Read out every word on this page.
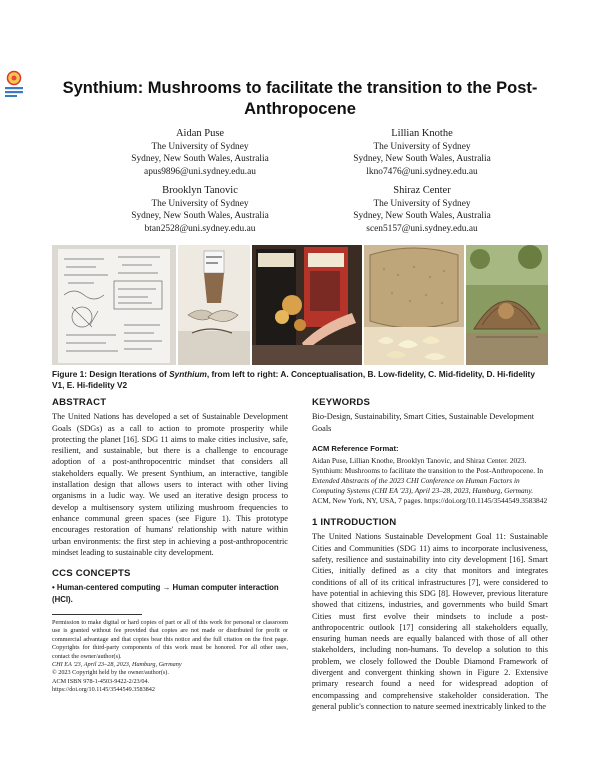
Synthium: Mushrooms to facilitate the transition to the Post-Anthropocene
Aidan Puse
The University of Sydney
Sydney, New South Wales, Australia
apus9896@uni.sydney.edu.au
Lillian Knothe
The University of Sydney
Sydney, New South Wales, Australia
lkno7476@uni.sydney.edu.au
Brooklyn Tanovic
The University of Sydney
Sydney, New South Wales, Australia
btan2528@uni.sydney.edu.au
Shiraz Center
The University of Sydney
Sydney, New South Wales, Australia
scen5157@uni.sydney.edu.au
Figure 1: Design Iterations of Synthium, from left to right: A. Conceptualisation, B. Low-fidelity, C. Mid-fidelity, D. Hi-fidelity V1, E. Hi-fidelity V2
ABSTRACT
The United Nations has developed a set of Sustainable Development Goals (SDGs) as a call to action to promote prosperity while protecting the planet [16]. SDG 11 aims to make cities inclusive, safe, resilient, and sustainable, but there is a challenge to encourage adoption of a post-anthropocentric mindset that considers all stakeholders equally. We present Synthium, an interactive, tangible installation design that allows users to interact with other living organisms in a ludic way. We used an iterative design process to develop a multisensory system utilizing mushroom frequencies to enhance communal green spaces (see Figure 1). This prototype encourages restoration of humans' relationship with nature within urban environments: the first step in achieving a post-anthropocentric mindset leading to sustainable city development.
CCS CONCEPTS
• Human-centered computing → Human computer interaction (HCI).
Permission to make digital or hard copies of part or all of this work for personal or classroom use is granted without fee provided that copies are not made or distributed for profit or commercial advantage and that copies bear this notice and the full citation on the first page. Copyrights for third-party components of this work must be honored. For all other uses, contact the owner/author(s).
CHI EA '23, April 23–28, 2023, Hamburg, Germany
© 2023 Copyright held by the owner/author(s).
ACM ISBN 978-1-4503-9422-2/23/04.
https://doi.org/10.1145/3544549.3583842
KEYWORDS
Bio-Design, Sustainability, Smart Cities, Sustainable Development Goals
ACM Reference Format:
Aidan Puse, Lillian Knothe, Brooklyn Tanovic, and Shiraz Center. 2023. Synthium: Mushrooms to facilitate the transition to the Post-Anthropocene. In Extended Abstracts of the 2023 CHI Conference on Human Factors in Computing Systems (CHI EA '23), April 23–28, 2023, Hamburg, Germany. ACM, New York, NY, USA, 7 pages. https://doi.org/10.1145/3544549.3583842
1 INTRODUCTION
The United Nations Sustainable Development Goal 11: Sustainable Cities and Communities (SDG 11) aims to incorporate inclusiveness, safety, resilience and sustainability into city development [16]. Smart Cities, initially defined as a city that monitors and integrates conditions of all of its critical infrastructures [7], were considered to have potential in achieving this SDG [8]. However, previous literature showed that citizens, industries, and governments who build Smart Cities must first evolve their mindsets to include a post-anthropocentric outlook [17] considering all stakeholders equally, ensuring human needs are equally balanced with those of all other stakeholders, including non-humans. To develop a solution to this problem, we closely followed the Double Diamond Framework of divergent and convergent thinking shown in Figure 2. Extensive primary research found a need for widespread adoption of encompassing and comprehensive stakeholder consideration. The general public's connection to nature seemed inextricably linked to the
